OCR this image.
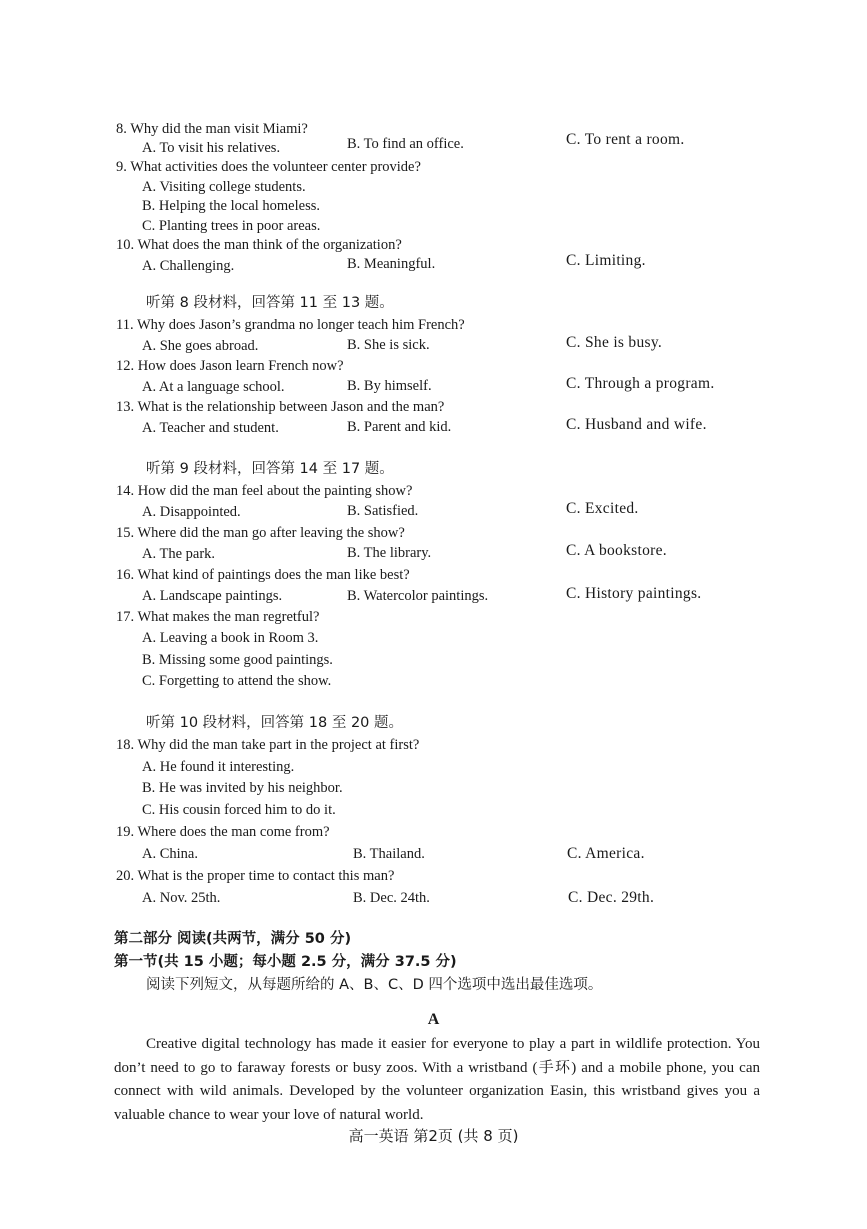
8. Why did the man visit Miami?
A. To visit his relatives.	B. To find an office.	C. To rent a room.
9. What activities does the volunteer center provide?
A. Visiting college students.
B. Helping the local homeless.
C. Planting trees in poor areas.
10. What does the man think of the organization?
A. Challenging.	B. Meaningful.	C. Limiting.
听第 8 段材料，回答第 11 至 13 题。
11. Why does Jason’s grandma no longer teach him French?
A. She goes abroad.	B. She is sick.	C. She is busy.
12. How does Jason learn French now?
A. At a language school.	B. By himself.	C. Through a program.
13. What is the relationship between Jason and the man?
A. Teacher and student.	B. Parent and kid.	C. Husband and wife.
听第 9 段材料，回答第 14 至 17 题。
14. How did the man feel about the painting show?
A. Disappointed.	B. Satisfied.	C. Excited.
15. Where did the man go after leaving the show?
A. The park.	B. The library.	C. A bookstore.
16. What kind of paintings does the man like best?
A. Landscape paintings.	B. Watercolor paintings.	C. History paintings.
17. What makes the man regretful?
A. Leaving a book in Room 3.
B. Missing some good paintings.
C. Forgetting to attend the show.
听第 10 段材料，回答第 18 至 20 题。
18. Why did the man take part in the project at first?
A. He found it interesting.
B. He was invited by his neighbor.
C. His cousin forced him to do it.
19. Where does the man come from?
A. China.	B. Thailand.	C. America.
20. What is the proper time to contact this man?
A. Nov. 25th.	B. Dec. 24th.	C. Dec. 29th.
第二部分 阅读(共两节，满分 50 分)
第一节(共 15 小题；每小题 2.5 分，满分 37.5 分)
阅读下列短文，从每题所给的 A、B、C、D 四个选项中选出最佳选项。
A
Creative digital technology has made it easier for everyone to play a part in wildlife protection. You don’t need to go to faraway forests or busy zoos. With a wristband (手环) and a mobile phone, you can connect with wild animals. Developed by the volunteer organization Easin, this wristband gives you a valuable chance to wear your love of natural world.
高一英语 第2页 (共 8 页)
